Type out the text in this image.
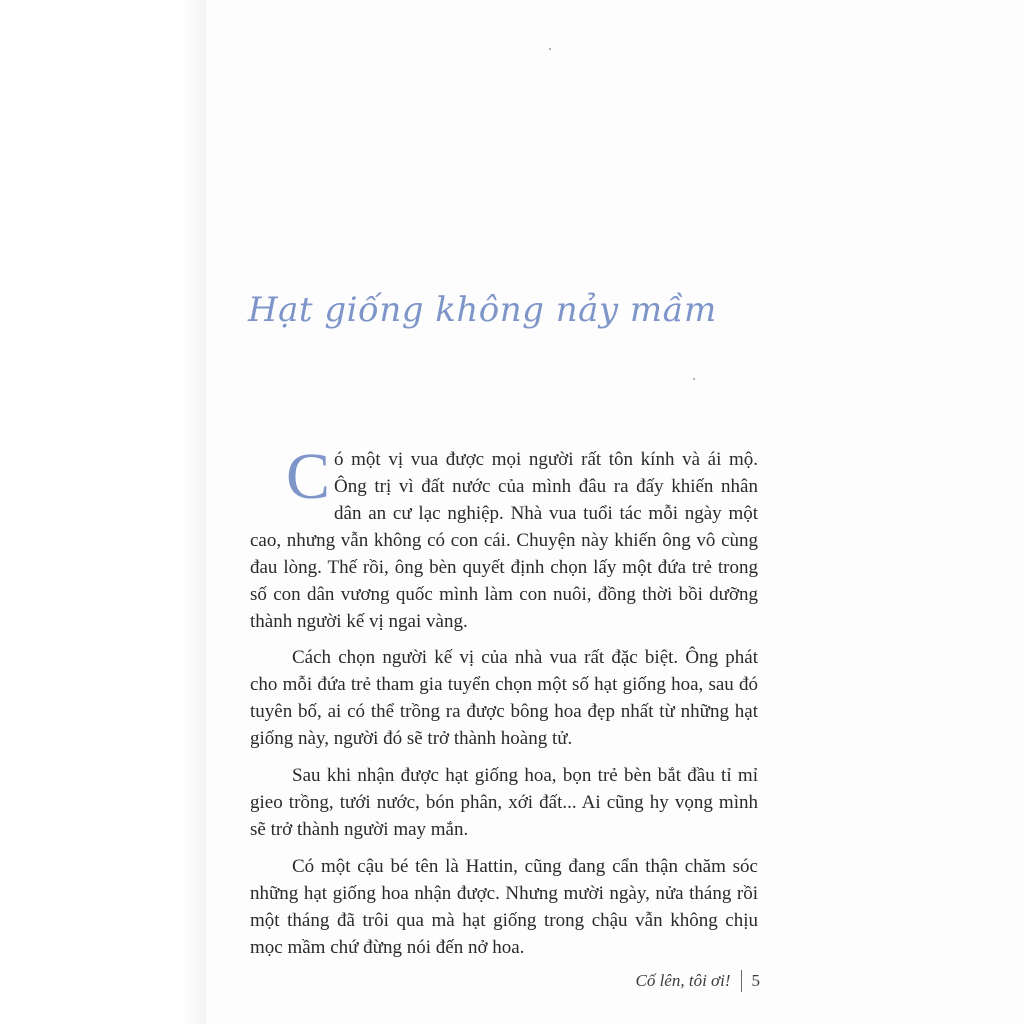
Hạt giống không nảy mầm

Có một vị vua được mọi người rất tôn kính và ái mộ. Ông trị vì đất nước của mình đâu ra đấy khiến nhân dân an cư lạc nghiệp. Nhà vua tuổi tác mỗi ngày một cao, nhưng vẫn không có con cái. Chuyện này khiến ông vô cùng đau lòng. Thế rồi, ông bèn quyết định chọn lấy một đứa trẻ trong số con dân vương quốc mình làm con nuôi, đồng thời bồi dưỡng thành người kế vị ngai vàng.

Cách chọn người kế vị của nhà vua rất đặc biệt. Ông phát cho mỗi đứa trẻ tham gia tuyển chọn một số hạt giống hoa, sau đó tuyên bố, ai có thể trồng ra được bông hoa đẹp nhất từ những hạt giống này, người đó sẽ trở thành hoàng tử.

Sau khi nhận được hạt giống hoa, bọn trẻ bèn bắt đầu tỉ mỉ gieo trồng, tưới nước, bón phân, xới đất... Ai cũng hy vọng mình sẽ trở thành người may mắn.

Có một cậu bé tên là Hattin, cũng đang cẩn thận chăm sóc những hạt giống hoa nhận được. Nhưng mười ngày, nửa tháng rồi một tháng đã trôi qua mà hạt giống trong chậu vẫn không chịu mọc mầm chứ đừng nói đến nở hoa.

Cố lên, tôi ơi! 5
